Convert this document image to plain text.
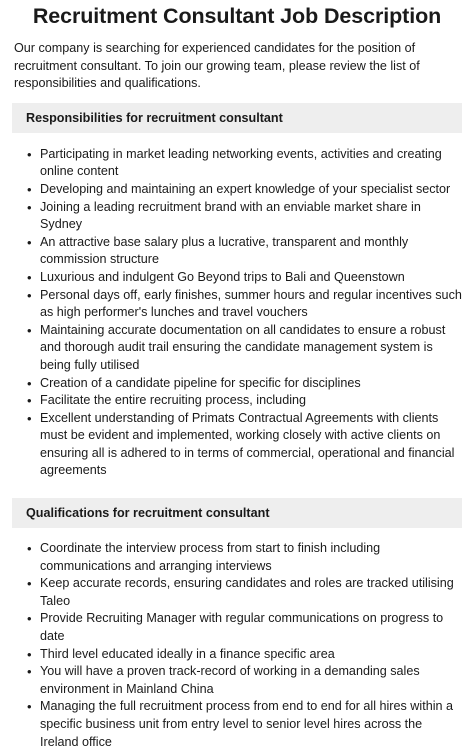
Recruitment Consultant Job Description

Our company is searching for experienced candidates for the position of recruitment consultant. To join our growing team, please review the list of responsibilities and qualifications.

Responsibilities for recruitment consultant
• Participating in market leading networking events, activities and creating online content
• Developing and maintaining an expert knowledge of your specialist sector
• Joining a leading recruitment brand with an enviable market share in Sydney
• An attractive base salary plus a lucrative, transparent and monthly commission structure
• Luxurious and indulgent Go Beyond trips to Bali and Queenstown
• Personal days off, early finishes, summer hours and regular incentives such as high performer's lunches and travel vouchers
• Maintaining accurate documentation on all candidates to ensure a robust and thorough audit trail ensuring the candidate management system is being fully utilised
• Creation of a candidate pipeline for specific for disciplines
• Facilitate the entire recruiting process, including
• Excellent understanding of Primats Contractual Agreements with clients must be evident and implemented, working closely with active clients on ensuring all is adhered to in terms of commercial, operational and financial agreements
Qualifications for recruitment consultant
• Coordinate the interview process from start to finish including communications and arranging interviews
• Keep accurate records, ensuring candidates and roles are tracked utilising Taleo
• Provide Recruiting Manager with regular communications on progress to date
• Third level educated ideally in a finance specific area
• You will have a proven track-record of working in a demanding sales environment in Mainland China
• Managing the full recruitment process from end to end for all hires within a specific business unit from entry level to senior level hires across the Ireland office
